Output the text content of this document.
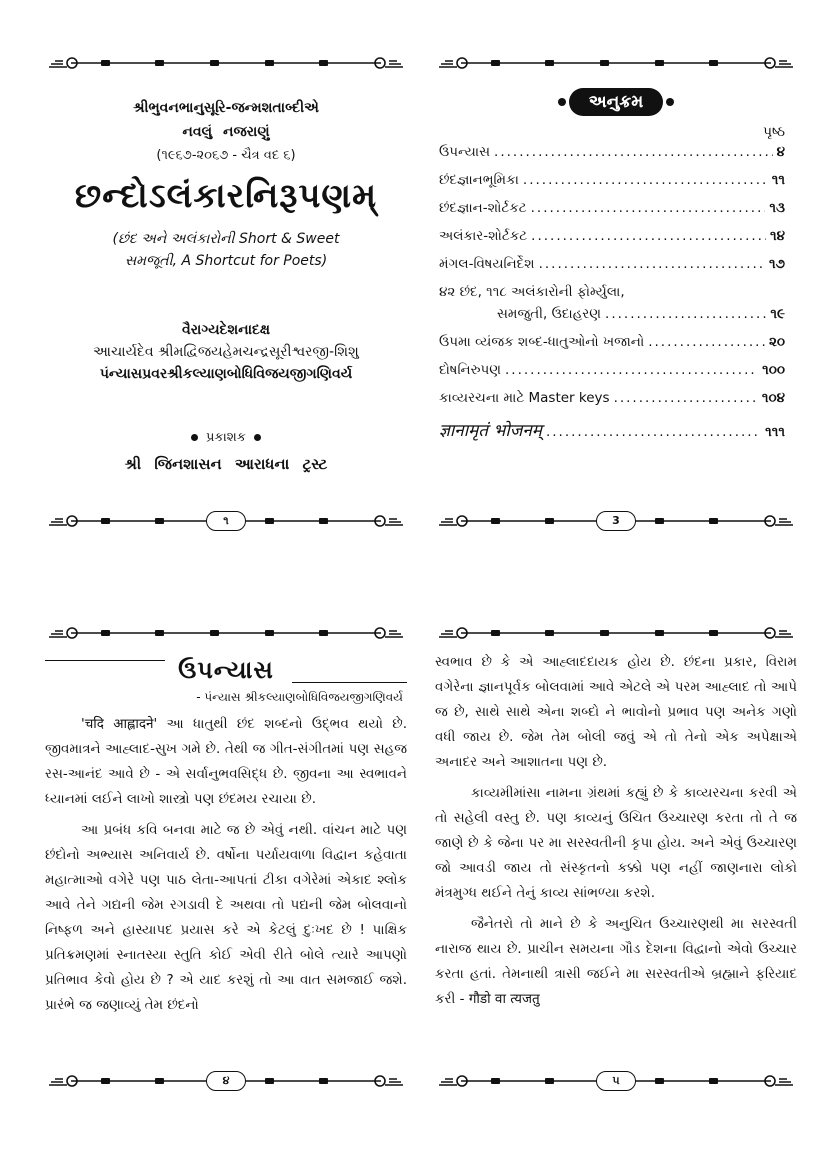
શ્રીભુવનભાનુસૂરિ-જન્મશતાબ્દીએ
નવલું નજરાણું
(૧૯૬૭-૨૦૬૭ - ચૈત્ર વદ ૬)
છન્દોઽલંકારનિરૂપણમ્
(છંદ અને અલંકારોની Short & Sweet
સમજૂતી, A Shortcut for Poets)
વૈરાગ્યદેશનાદક્ષ
આચાર્યદેવ શ્રીમદ્વિજયહેમચન્દ્રસૂરીશ્વરજી-શિશુ
પંન્યાસપ્રવરશ્રીકલ્યાણબોધિવિજયજીગણિવર્ય
પ્રકાશક
શ્રી જિનશાસન આરાધના ટ્રસ્ટ
૧
અનુક્રમ
પૃષ્ઠ
ઉપન્યાસ .....	૪
છંદજ્ઞાનભૂમિકા .....	૧૧
છંદજ્ઞાન-શોર્ટકટ .....	૧૩
અલંકાર-શોર્ટકટ .....	૧૪
મંગલ-વિષયનિર્દેશ .....	૧૭
૪૨ છંદ, ૧૧૮ અલંકારોની ફોર્મ્યુલા,
સમજુતી, ઉદાહરણ .....	૧૯
ઉપમા વ્યંજક શબ્દ-ધાતુઓનો ખજાનો .....	૨૦
દોષનિરુપણ .....	૧૦૦
કાવ્યરચના માટે Master keys .....	૧૦૪
ज्ञानामृतं भोजनम् .....	૧૧૧
3
ઉપન્યાસ
- પંન્યાસ શ્રીકલ્યાણબોધિવિજયજીગણિવર્ય

'चदि आह्लादने' આ ધાતુથી છંદ શબ્દનો ઉદ્ભવ થયો છે. જીવમાત્રને આહ્લાદ-સુખ ગમે છે. તેથી જ ગીત-સંગીતમાં પણ સહજ રસ-આનંદ આવે છે - એ સર્વાનુભવસિદ્ધ છે. જીવના આ સ્વભાવને ધ્યાનમાં લઈને લાખો શાસ્ત્રો પણ છંદમય રચાયા છે.

આ પ્રબંધ કવિ બનવા માટે જ છે એવું નથી. વાંચન માટે પણ છંદોનો અભ્યાસ અનિવાર્ય છે. વર્ષોના પર્યાયવાળા વિદ્વાન કહેવાતા મહાત્માઓ વગેરે પણ પાઠ લેતા-આપતાં ટીકા વગેરેમાં એકાદ શ્લોક આવે તેને ગદ્યની જેમ રગડાવી દે અથવા તો પદ્યની જેમ બોલવાનો નિષ્ફળ અને હાસ્યાપદ પ્રયાસ કરે એ કેટલું દુઃખદ છે ! પાક્ષિક પ્રતિક્રમણમાં સ્નાતસ્યા સ્તુતિ કોઈ એવી રીતે બોલે ત્યારે આપણો પ્રતિભાવ કેવો હોય છે ? એ યાદ કરશું તો આ વાત સમજાઈ જશે. પ્રારંભે જ જણાવ્યું તેમ છંદનો

૪

સ્વભાવ છે કે એ આહ્લાદદાયક હોય છે. છંદના પ્રકાર, વિરામ વગેરેના જ્ઞાનપૂર્વક બોલવામાં આવે એટલે એ પરમ આહ્લાદ તો આપે જ છે, સાથે સાથે એના શબ્દો ને ભાવોનો પ્રભાવ પણ અનેક ગણો વધી જાય છે. જેમ તેમ બોલી જવું એ તો તેનો એક અપેક્ષાએ અનાદર અને આશાતના પણ છે.

કાવ્યમીમાંસા નામના ગ્રંથમાં કહ્યું છે કે કાવ્યરચના કરવી એ તો સહેલી વસ્તુ છે. પણ કાવ્યનું ઉચિત ઉચ્ચારણ કરતા તો તે જ જાણે છે કે જેના પર મા સરસ્વતીની કૃપા હોય. અને એવું ઉચ્ચારણ જો આવડી જાય તો સંસ્કૃતનો કક્કો પણ નહીં જાણનારા લોકો મંત્રમુગ્ધ થઈને તેનું કાવ્ય સાંભળ્યા કરશે.

જૈનેતરો તો માને છે કે અનુચિત ઉચ્ચારણથી મા સરસ્વતી નારાજ થાય છે. પ્રાચીન સમયના ગૌડ દેશના વિદ્વાનો એવો ઉચ્ચાર કરતા હતાં. તેમનાથી ત્રાસી જઈને મા સરસ્વતીએ બ્રહ્માને ફરિયાદ કરી - गौडो वा त्यजतु

૫
